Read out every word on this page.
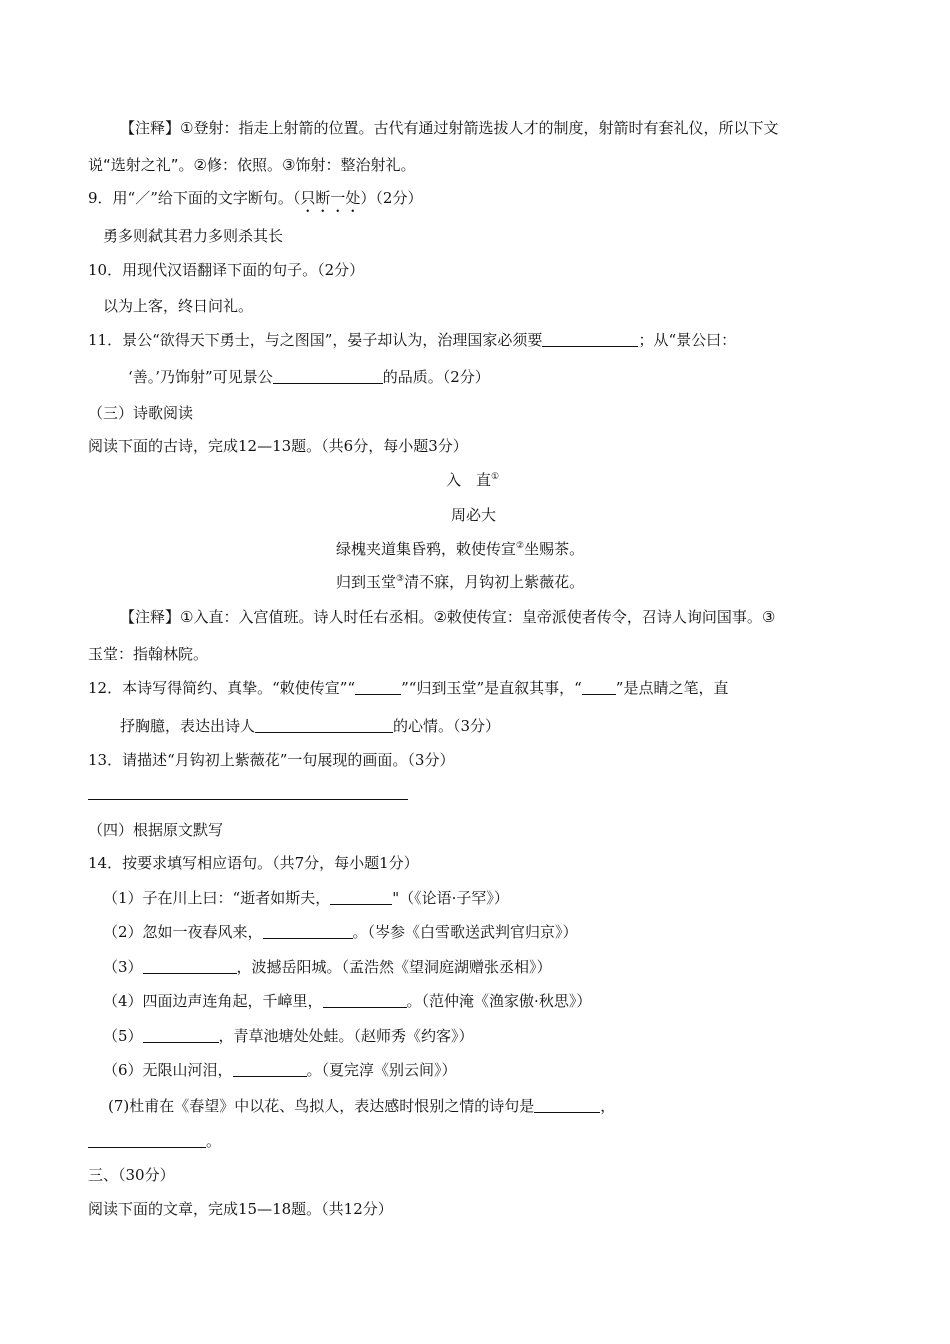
【注释】①登射：指走上射箭的位置。古代有通过射箭选拔人才的制度，射箭时有套礼仪，所以下文
说“选射之礼”。②修：依照。③饰射：整治射礼。
9．用“／”给下面的文字断句。（只断一处）（2分）
勇多则弑其君力多则杀其长
10．用现代汉语翻译下面的句子。（2分）
以为上客，终日问礼。
11．景公“欲得天下勇士，与之图国”，晏子却认为，治理国家必须要	；从“景公曰：
‘善。’乃饰射”可见景公	的品质。（2分）
（三）诗歌阅读
阅读下面的古诗，完成12—13题。（共6分，每小题3分）
入　直①
周必大
绿槐夹道集昏鸦，敕使传宣②坐赐茶。
归到玉堂③清不寐，月钩初上紫薇花。
【注释】①入直：入宫值班。诗人时任右丞相。②敕使传宣：皇帝派使者传令，召诗人询问国事。③
玉堂：指翰林院。
12．本诗写得简约、真挚。“敕使传宣”“	”“归到玉堂”是直叙其事，“ ”是点睛之笔，直
抒胸臆，表达出诗人	的心情。（3分）
13．请描述“月钩初上紫薇花”一句展现的画面。（3分）
（四）根据原文默写
14．按要求填写相应语句。（共7分，每小题1分）
（1）子在川上曰：“逝者如斯夫，	"（《论语·子罕》）
（2）忽如一夜春风来，	。（岑参《白雪歌送武判官归京》）
（3）	，波撼岳阳城。（孟浩然《望洞庭湖赠张丞相》）
（4）四面边声连角起，千嶂里，	。（范仲淹《渔家傲·秋思》）
（5）	，青草池塘处处蛙。（赵师秀《约客》）
（6）无限山河泪，	。（夏完淳《别云间》）
(7)杜甫在《春望》中以花、鸟拟人，表达感时恨别之情的诗句是	，
。
三、（30分）
阅读下面的文章，完成15—18题。（共12分）
